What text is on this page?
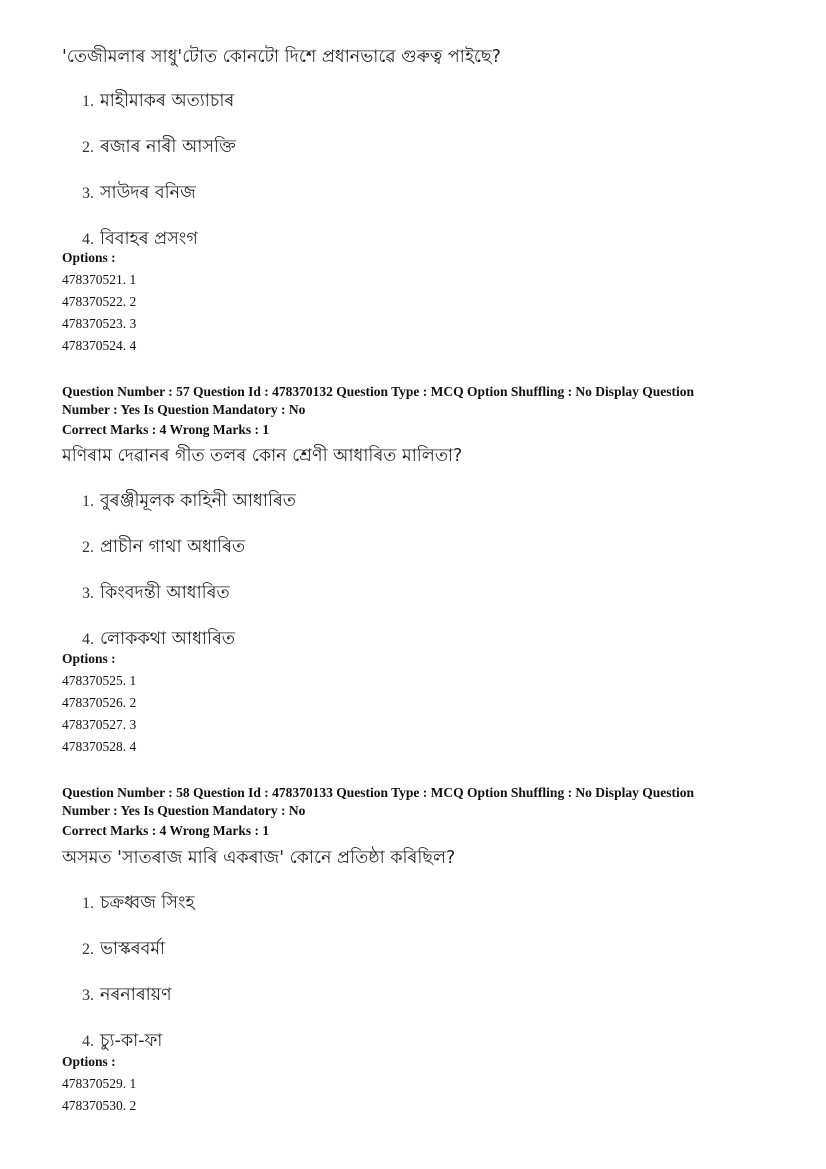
'তেজীমলাৰ সাধু'টোত কোনটো দিশে প্ৰধানভাৱে গুৰুত্ব পাইছে?
1. মাহীমাকৰ অত্যাচাৰ
2. ৰজাৰ নাৰী আসক্তি
3. সাউদৰ বনিজ
4. বিবাহৰ প্ৰসংগ
Options :
478370521. 1
478370522. 2
478370523. 3
478370524. 4
Question Number : 57 Question Id : 478370132 Question Type : MCQ Option Shuffling : No Display Question
Number : Yes Is Question Mandatory : No
Correct Marks : 4 Wrong Marks : 1
মণিৰাম দেৱানৰ গীত তলৰ কোন শ্ৰেণী আধাৰিত মালিতা?
1. বুৰঞ্জীমূলক কাহিনী আধাৰিত
2. প্ৰাচীন গাথা অধাৰিত
3. কিংবদন্তী আধাৰিত
4. লোককথা আধাৰিত
Options :
478370525. 1
478370526. 2
478370527. 3
478370528. 4
Question Number : 58 Question Id : 478370133 Question Type : MCQ Option Shuffling : No Display Question
Number : Yes Is Question Mandatory : No
Correct Marks : 4 Wrong Marks : 1
অসমত 'সাতৰাজ মাৰি একৰাজ' কোনে প্ৰতিষ্ঠা কৰিছিল?
1. চক্ৰধ্বজ সিংহ
2. ভাস্কৰবৰ্মা
3. নৰনাৰায়ণ
4. চ্যু-কা-ফা
Options :
478370529. 1
478370530. 2
